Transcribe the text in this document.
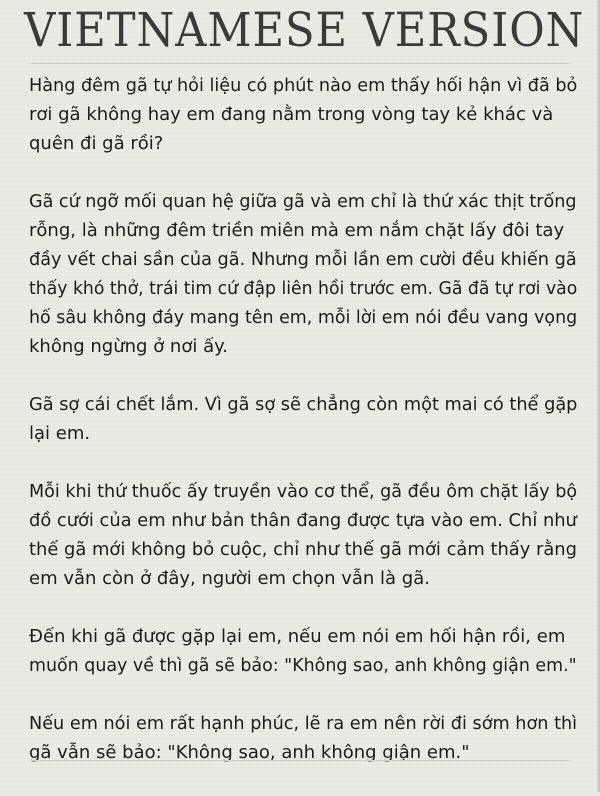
VIETNAMESE VERSION

Hàng đêm gã tự hỏi liệu có phút nào em thấy hối hận vì đã bỏ
rơi gã không hay em đang nằm trong vòng tay kẻ khác và
quên đi gã rồi?

Gã cứ ngỡ mối quan hệ giữa gã và em chỉ là thứ xác thịt trống
rỗng, là những đêm triền miên mà em nắm chặt lấy đôi tay
đầy vết chai sần của gã. Nhưng mỗi lần em cười đều khiến gã
thấy khó thở, trái tim cứ đập liên hồi trước em. Gã đã tự rơi vào
hố sâu không đáy mang tên em, mỗi lời em nói đều vang vọng
không ngừng ở nơi ấy.

Gã sợ cái chết lắm. Vì gã sợ sẽ chẳng còn một mai có thể gặp
lại em.

Mỗi khi thứ thuốc ấy truyền vào cơ thể, gã đều ôm chặt lấy bộ
đồ cưới của em như bản thân đang được tựa vào em. Chỉ như
thế gã mới không bỏ cuộc, chỉ như thế gã mới cảm thấy rằng
em vẫn còn ở đây, người em chọn vẫn là gã.

Đến khi gã được gặp lại em, nếu em nói em hối hận rồi, em
muốn quay về thì gã sẽ bảo: "Không sao, anh không giận em."

Nếu em nói em rất hạnh phúc, lẽ ra em nên rời đi sớm hơn thì
gã vẫn sẽ bảo: "Không sao, anh không giận em."
